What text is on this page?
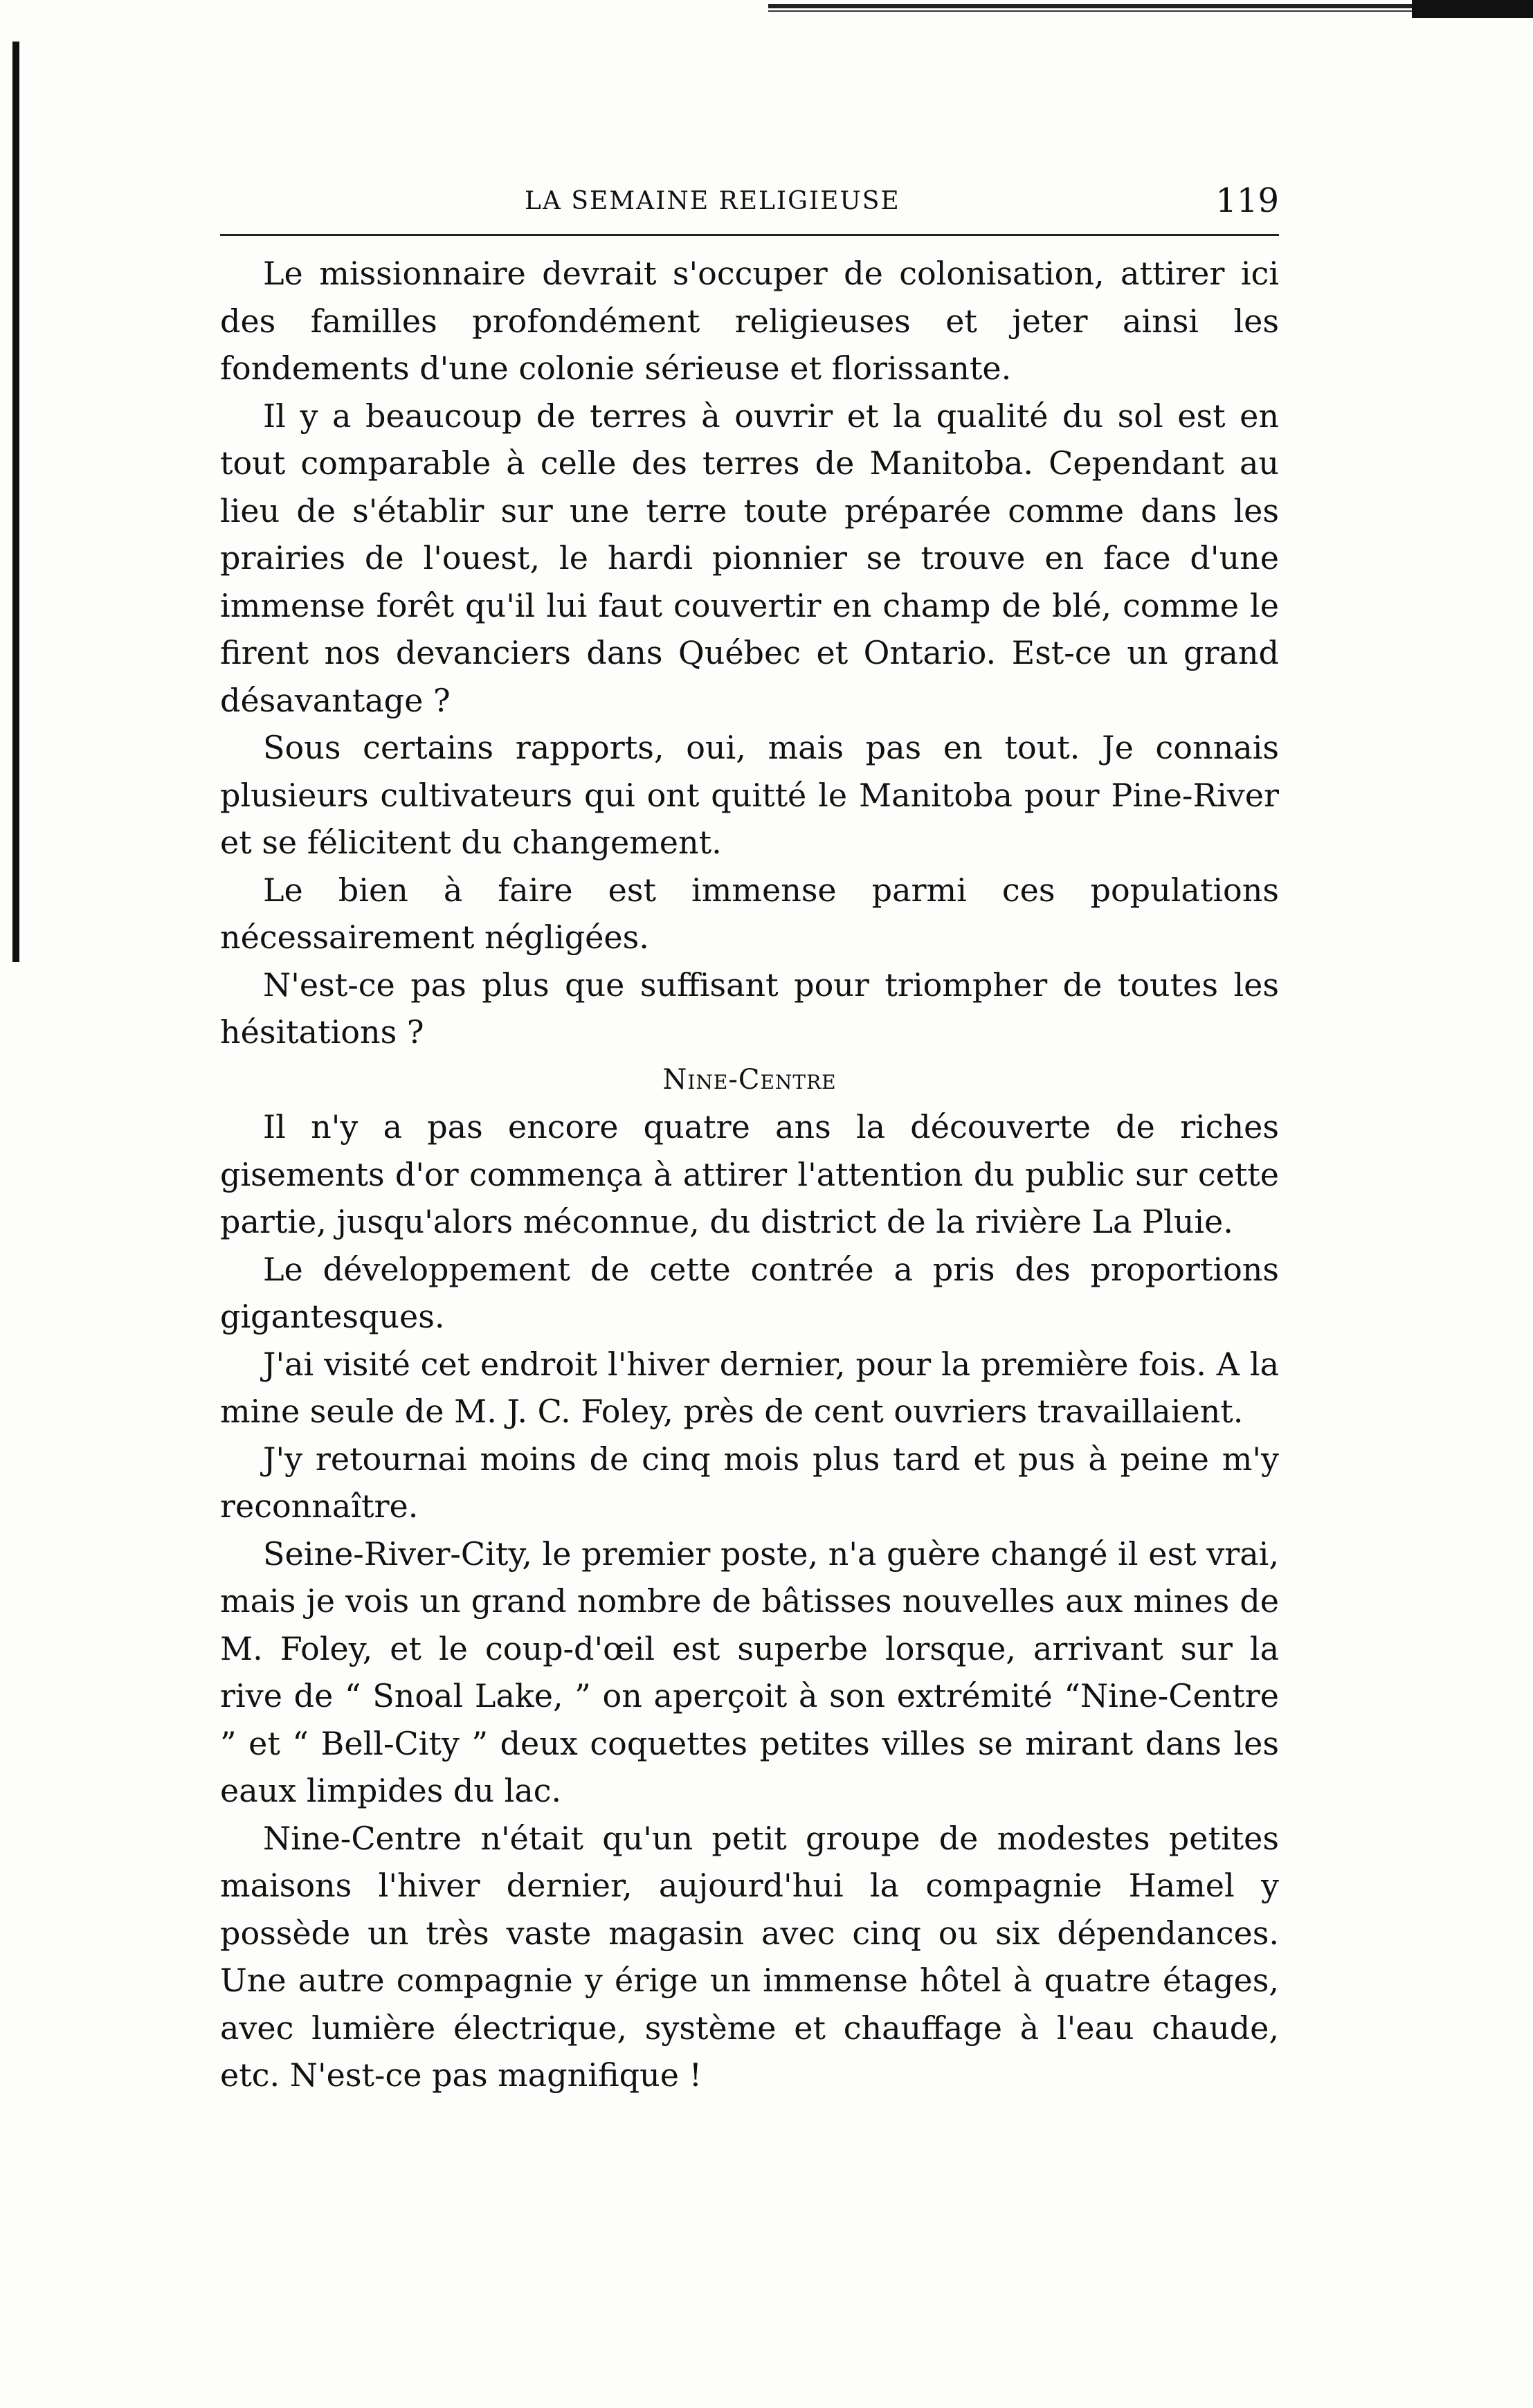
LA SEMAINE RELIGIEUSE	119

Le missionnaire devrait s'occuper de colonisation, attirer ici des familles profondément religieuses et jeter ainsi les fondements d'une colonie sérieuse et florissante.

Il y a beaucoup de terres à ouvrir et la qualité du sol est en tout comparable à celle des terres de Manitoba. Cependant au lieu de s'établir sur une terre toute préparée comme dans les prairies de l'ouest, le hardi pionnier se trouve en face d'une immense forêt qu'il lui faut couvertir en champ de blé, comme le firent nos devanciers dans Québec et Ontario. Est-ce un grand désavantage ?

Sous certains rapports, oui, mais pas en tout. Je connais plusieurs cultivateurs qui ont quitté le Manitoba pour Pine-River et se félicitent du changement.

Le bien à faire est immense parmi ces populations nécessairement négligées.

N'est-ce pas plus que suffisant pour triompher de toutes les hésitations ?

Nine-Centre

Il n'y a pas encore quatre ans la découverte de riches gisements d'or commença à attirer l'attention du public sur cette partie, jusqu'alors méconnue, du district de la rivière La Pluie.

Le développement de cette contrée a pris des proportions gigantesques.

J'ai visité cet endroit l'hiver dernier, pour la première fois. A la mine seule de M. J. C. Foley, près de cent ouvriers travaillaient.

J'y retournai moins de cinq mois plus tard et pus à peine m'y reconnaître.

Seine-River-City, le premier poste, n'a guère changé il est vrai, mais je vois un grand nombre de bâtisses nouvelles aux mines de M. Foley, et le coup-d'œil est superbe lorsque, arrivant sur la rive de “ Snoal Lake, ” on aperçoit à son extrémité “Nine-Centre ” et “ Bell-City ” deux coquettes petites villes se mirant dans les eaux limpides du lac.

Nine-Centre n'était qu'un petit groupe de modestes petites maisons l'hiver dernier, aujourd'hui la compagnie Hamel y possède un très vaste magasin avec cinq ou six dépendances. Une autre compagnie y érige un immense hôtel à quatre étages, avec lumière électrique, système et chauffage à l'eau chaude, etc. N'est-ce pas magnifique !
